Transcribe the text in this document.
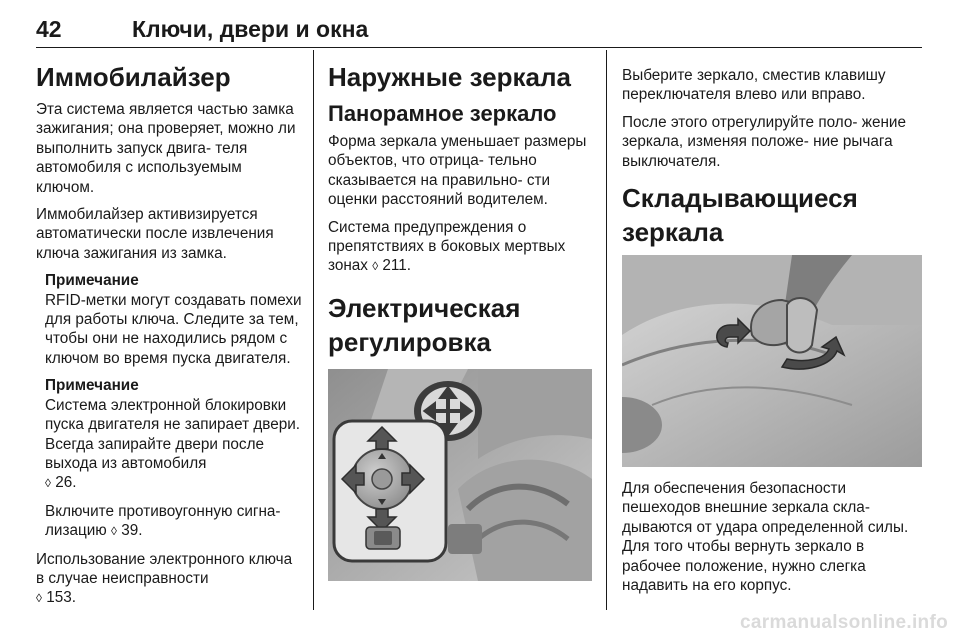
42	Ключи, двери и окна
Иммобилайзер

Эта система является частью замка зажигания; она проверяет, можно ли выполнить запуск двига- теля автомобиля с используемым ключом.

Иммобилайзер активизируется автоматически после извлечения ключа зажигания из замка.

Примечание

RFID-метки могут создавать помехи для работы ключа. Следите за тем, чтобы они не находились рядом с ключом во время пуска двигателя.

Примечание

Система электронной блокировки пуска двигателя не запирает двери. Всегда запирайте двери после выхода из автомобиля
◊ 26.

Включите противоугонную сигна- лизацию ◊ 39.

Использование электронного ключа в случае неисправности
◊ 153.

Наружные зеркала
Панорамное зеркало

Форма зеркала уменьшает размеры объектов, что отрица- тельно сказывается на правильно- сти оценки расстояний водителем.

Система предупреждения о препятствиях в боковых мертвых зонах ◊ 211.

Электрическая регулировка

Выберите зеркало, сместив клавишу переключателя влево или вправо.

После этого отрегулируйте поло- жение зеркала, изменяя положе- ние рычага выключателя.

Складывающиеся зеркала

Для обеспечения безопасности пешеходов внешние зеркала скла- дываются от удара определенной силы. Для того чтобы вернуть зеркало в рабочее положение, нужно слегка надавить на его корпус.

carmanualsonline.info
